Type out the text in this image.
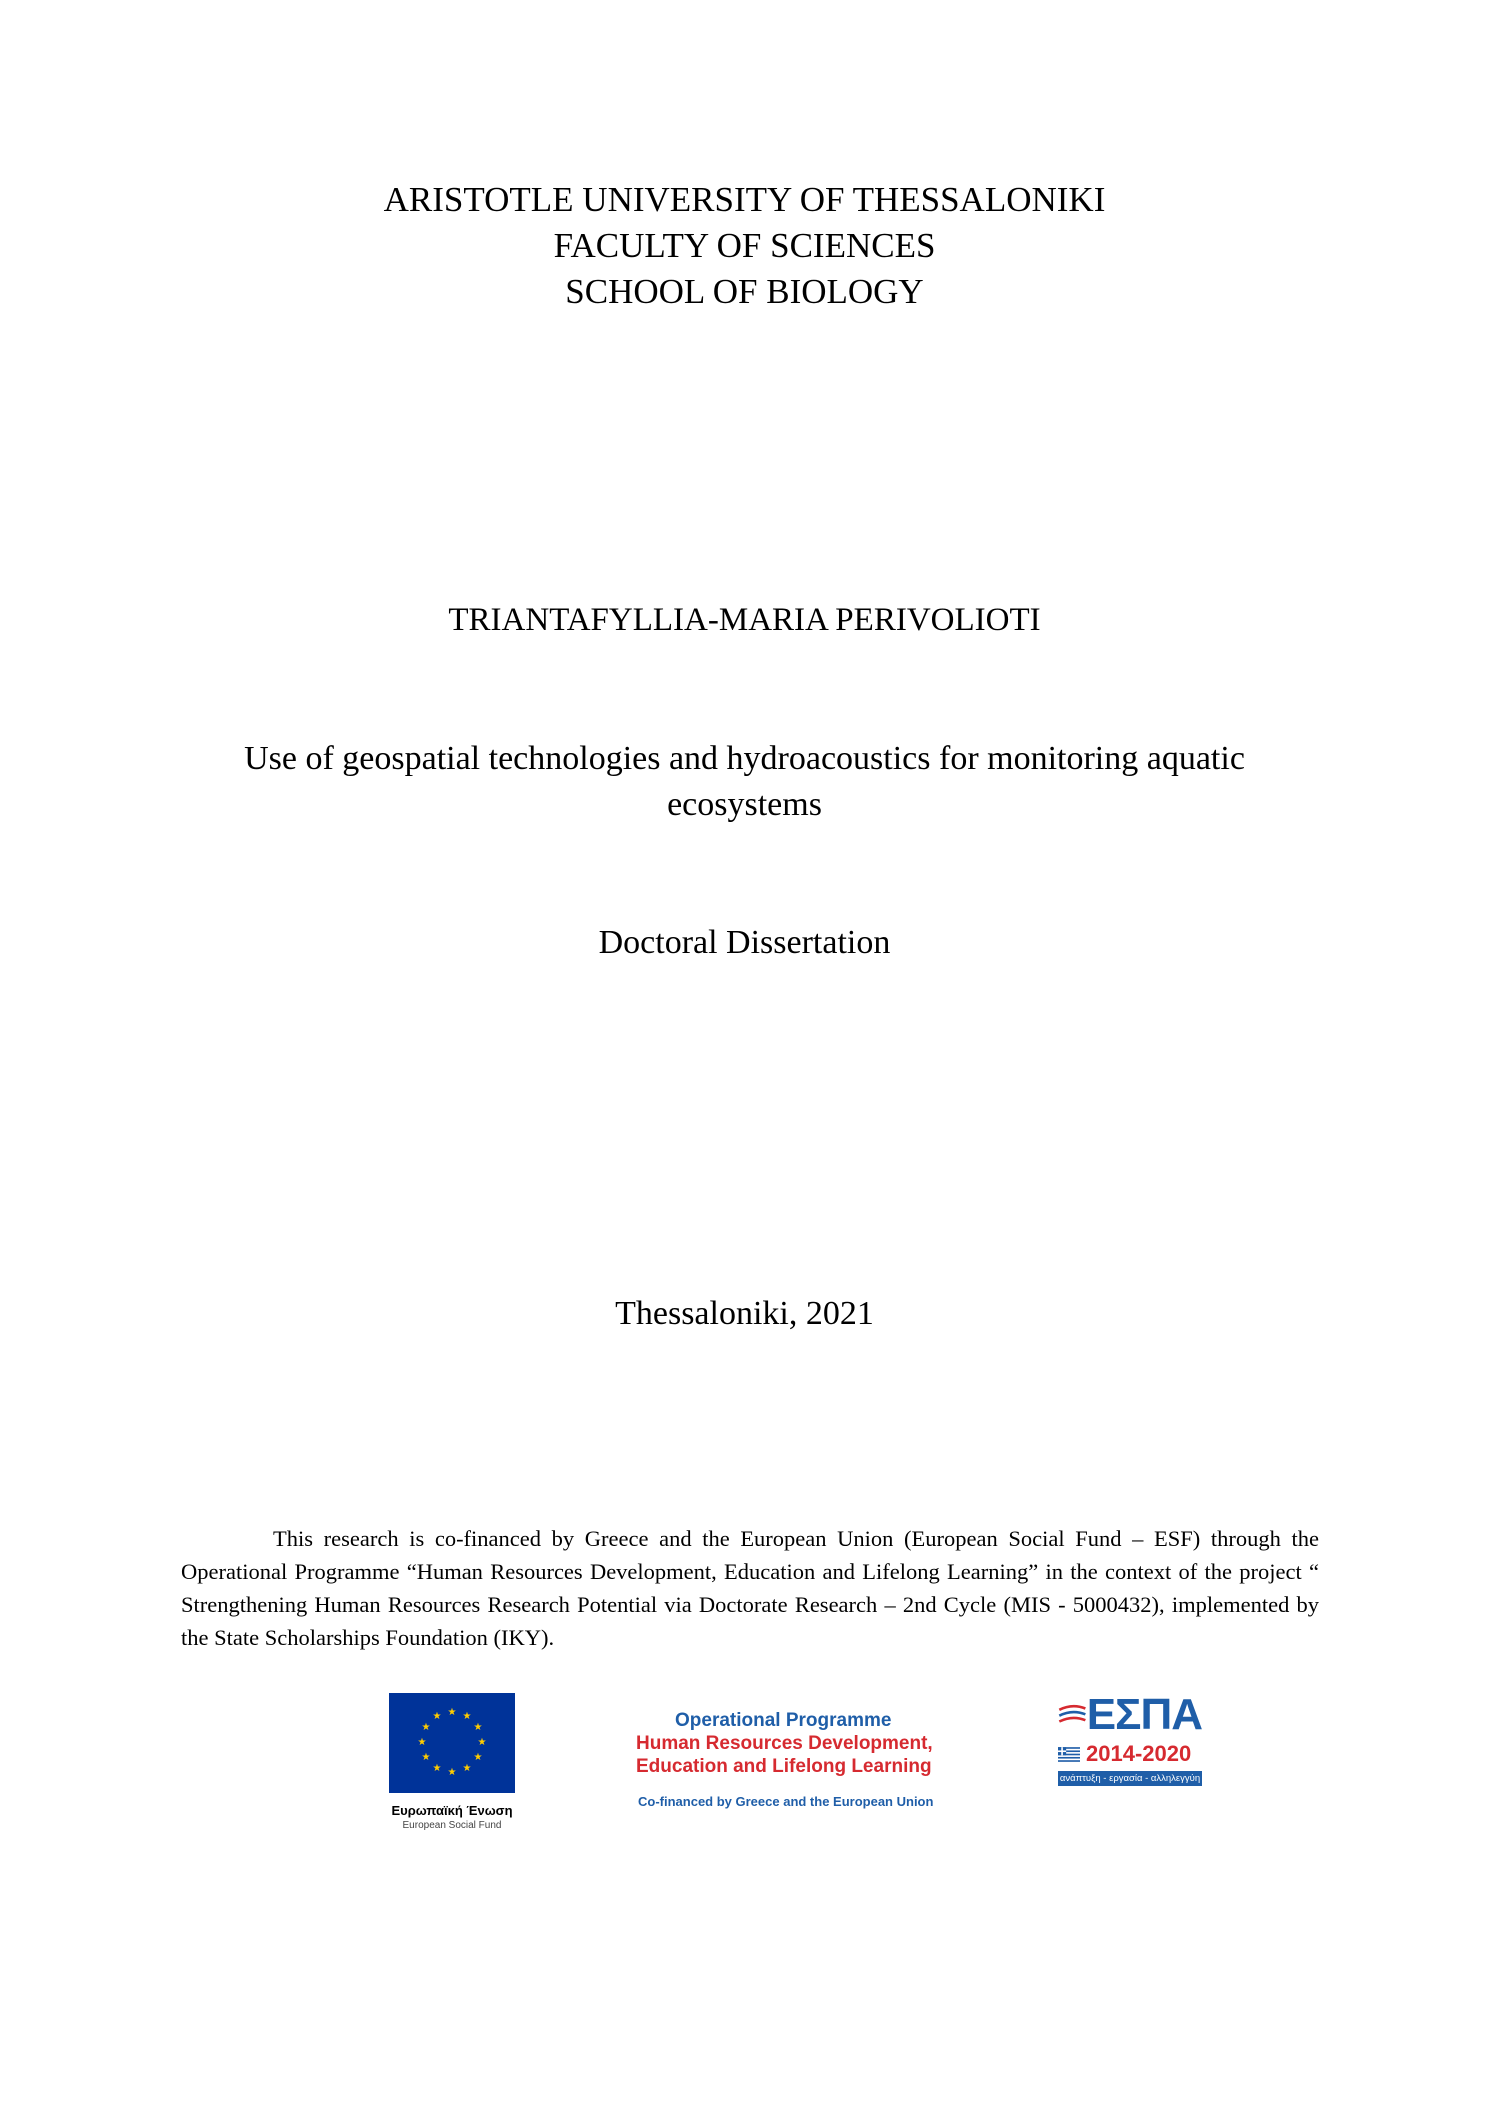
ARISTOTLE UNIVERSITY OF THESSALONIKI
FACULTY OF SCIENCES
SCHOOL OF BIOLOGY
TRIANTAFYLLIA-MARIA PERIVOLIOTI
Use of geospatial technologies and hydroacoustics for monitoring aquatic
ecosystems
Doctoral Dissertation
Thessaloniki, 2021

This research is co-financed by Greece and the European Union (European Social Fund – ESF) through the Operational Programme “Human Resources Development, Education and Lifelong Learning” in the context of the project “ Strengthening Human Resources Research Potential via Doctorate Research – 2nd Cycle (MIS - 5000432), implemented by the State Scholarships Foundation (IKY).

★ ★
★
★
★
★
★
★
★
★
★
★
Ευρωπαϊκή Ένωση
European Social Fund
Operational Programme
Human Resources Development,
Education and Lifelong Learning
Co-financed by Greece and the European Union
ΕΣΠΑ
2014-2020
ανάπτυξη - εργασία - αλληλεγγύη
